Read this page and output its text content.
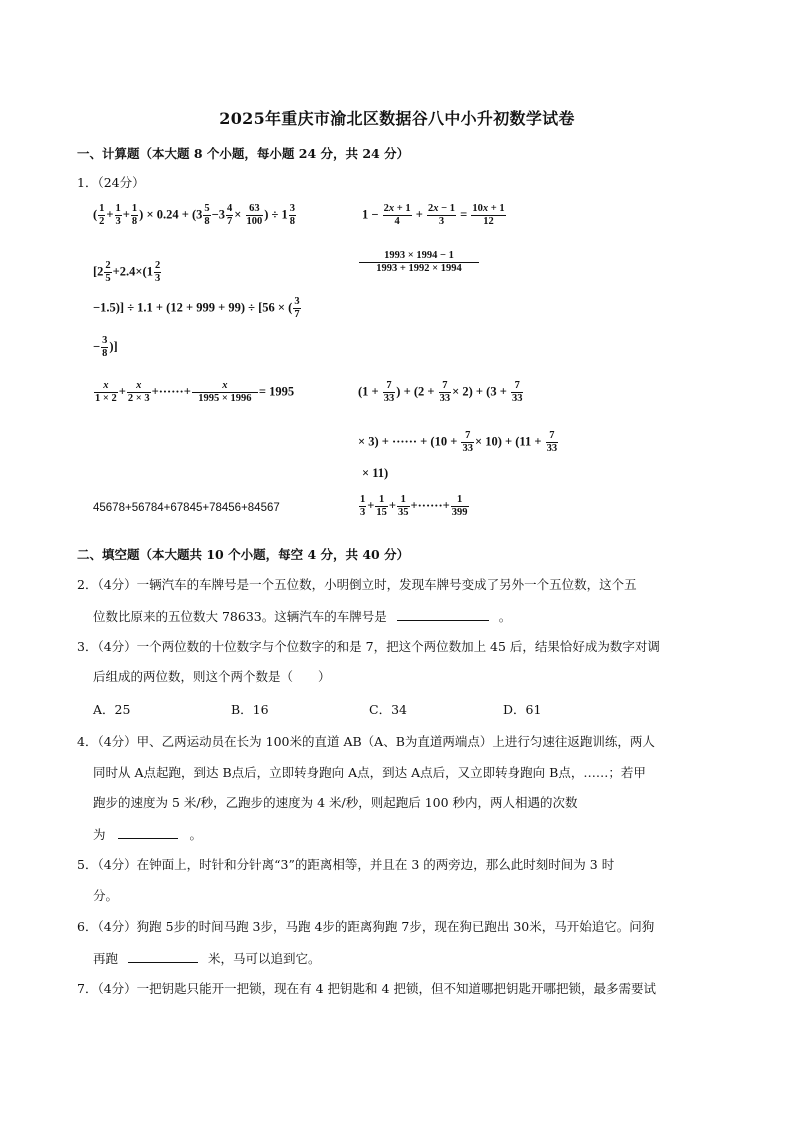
2025年重庆市渝北区数据谷八中小升初数学试卷
一、计算题（本大题 8 个小题，每小题 24 分，共 24 分）
1．（24分）
( $\frac{1}{2} + \frac{1}{3} + \frac{1}{8}$ ) × $0.24 + (3 \frac{5}{8} -3 \frac{4}{7} \times \frac{63}{100}$ ) ÷ $1 \frac{3}{8}$	$1 - \frac{2x + 1}{4} + \frac{2x - 1}{3} = \frac{10x + 1}{12}$
[$2 \frac{2}{5} +2.4\times(1 \frac{2}{3}$
−1.5)] ÷ 1.1 + (12 + 999 + 99) ÷ [56 × ( $\frac{3}{7}$
− $\frac{3}{8}$ )]
$\frac{1993 \times 1994 - 1}{1993 + 1992 \times 1994}$
$\frac{x}{1 \times 2} + \frac{x}{2 \times 3}$ +······+ $\frac{x}{1995 \times 1996} = 1995$	($1 + \frac{7}{33}$ ) + $(2 + \frac{7}{33} \times 2) + (3 + \frac{7}{33}$
× 3) + ······ + $(10 + \frac{7}{33} \times 10) + (11 + \frac{7}{33}$
× 11)
45678+56784+67845+78456+84567	$\frac{1}{3} + \frac{1}{15} + \frac{1}{35}$ +······+ $\frac{1}{399}$
二、填空题（本大题共 10 个小题，每空 4 分，共 40 分）
2．（4分）一辆汽车的车牌号是一个五位数，小明倒立时，发现车牌号变成了另外一个五位数，这个五
位数比原来的五位数大 78633。这辆汽车的车牌号是	。
3．（4分）一个两位数的十位数字与个位数字的和是 7，把这个两位数加上 45 后，结果恰好成为数字对调
后组成的两位数，则这个两个数是（　　）
A．25	B．16	C．34	D．61
4．（4分）甲、乙两运动员在长为 100米的直道 AB（A、B为直道两端点）上进行匀速往返跑训练，两人
同时从 A点起跑，到达 B点后，立即转身跑向 A点，到达 A点后，又立即转身跑向 B点，……；若甲
跑步的速度为 5 米/秒，乙跑步的速度为 4 米/秒，则起跑后 100 秒内，两人相遇的次数
为	。
5．（4分）在钟面上，时针和分针离“3”的距离相等，并且在 3 的两旁边，那么此时刻时间为 3 时
分。
6．（4分）狗跑 5步的时间马跑 3步，马跑 4步的距离狗跑 7步，现在狗已跑出 30米，马开始追它。问狗
再跑	米，马可以追到它。
7．（4分）一把钥匙只能开一把锁，现在有 4 把钥匙和 4 把锁，但不知道哪把钥匙开哪把锁，最多需要试
